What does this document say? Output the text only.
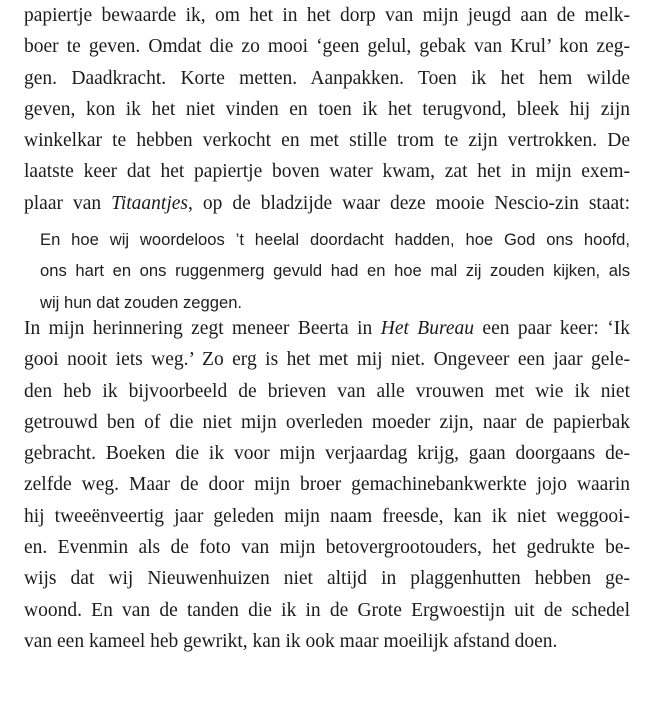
papiertje bewaarde ik, om het in het dorp van mijn jeugd aan de melk-
boer te geven. Omdat die zo mooi ‘geen gelul, gebak van Krul’ kon zeg-
gen. Daadkracht. Korte metten. Aanpakken. Toen ik het hem wilde
geven, kon ik het niet vinden en toen ik het terugvond, bleek hij zijn
winkelkar te hebben verkocht en met stille trom te zijn vertrokken. De
laatste keer dat het papiertje boven water kwam, zat het in mijn exem-
plaar van Titaantjes, op de bladzijde waar deze mooie Nescio-zin staat:
En hoe wij woordeloos ’t heelal doordacht hadden, hoe God ons hoofd,
ons hart en ons ruggenmerg gevuld had en hoe mal zij zouden kijken, als
wij hun dat zouden zeggen.
In mijn herinnering zegt meneer Beerta in Het Bureau een paar keer: ‘Ik
gooi nooit iets weg.’ Zo erg is het met mij niet. Ongeveer een jaar gele-
den heb ik bijvoorbeeld de brieven van alle vrouwen met wie ik niet
getrouwd ben of die niet mijn overleden moeder zijn, naar de papierbak
gebracht. Boeken die ik voor mijn verjaardag krijg, gaan doorgaans de-
zelfde weg. Maar de door mijn broer gemachinebankwerkte jojo waarin
hij tweeënveertig jaar geleden mijn naam freesde, kan ik niet weggooi-
en. Evenmin als de foto van mijn betovergrootouders, het gedrukte be-
wijs dat wij Nieuwenhuizen niet altijd in plaggenhutten hebben ge-
woond. En van de tanden die ik in de Grote Ergwoestijn uit de schedel
van een kameel heb gewrikt, kan ik ook maar moeilijk afstand doen.
